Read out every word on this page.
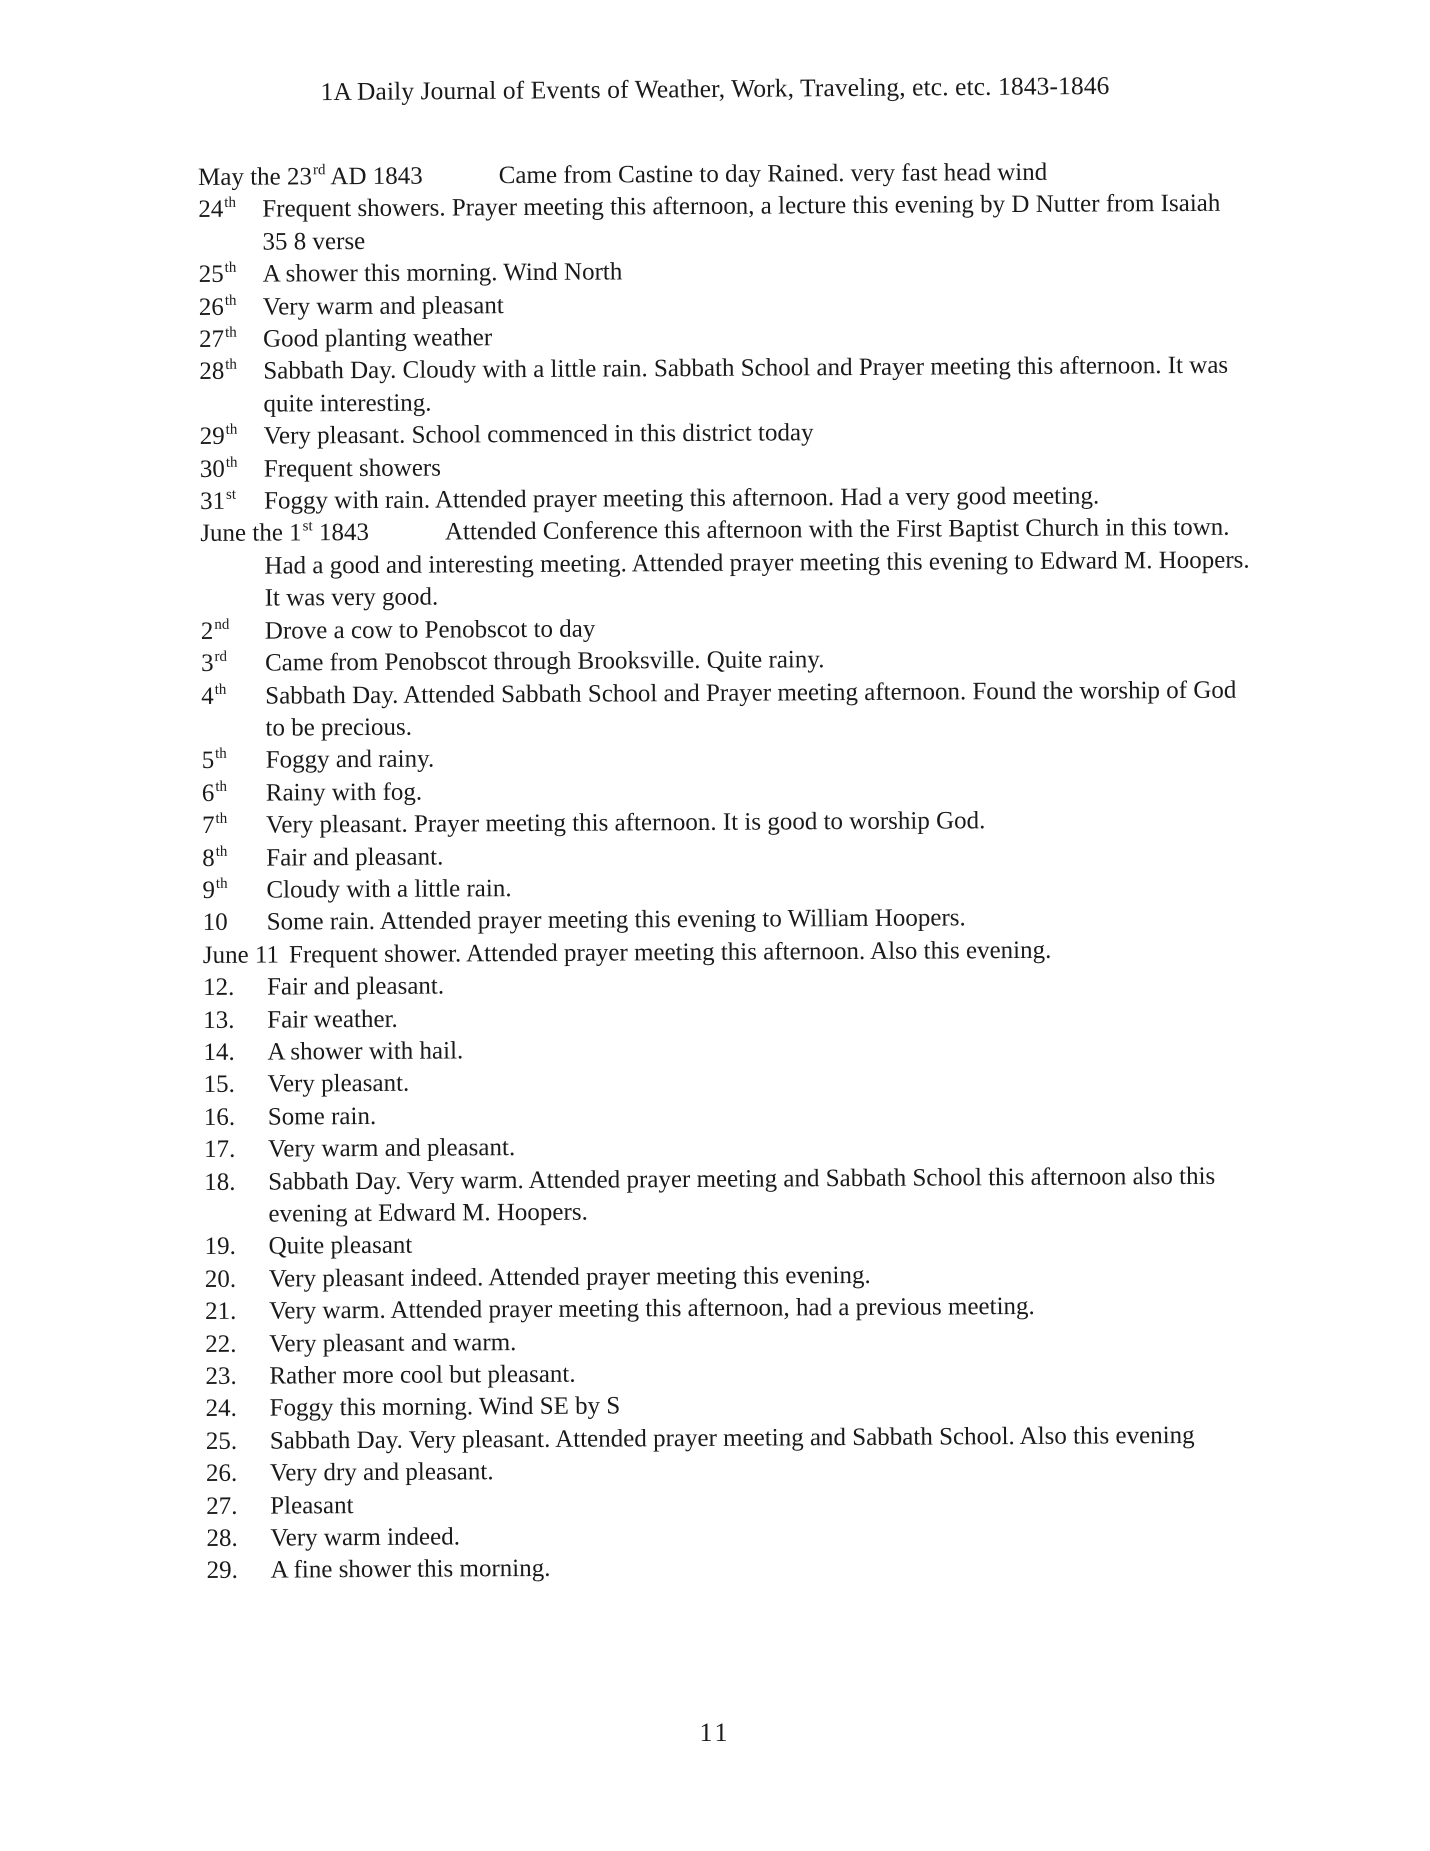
1A Daily Journal of Events of Weather, Work, Traveling, etc. etc. 1843-1846
May the 23rd AD 1843	Came from Castine to day Rained. very fast head wind
24th Frequent showers. Prayer meeting this afternoon, a lecture this evening by D Nutter from Isaiah 35 8 verse
25th A shower this morning. Wind North
26th Very warm and pleasant
27th Good planting weather
28th Sabbath Day. Cloudy with a little rain. Sabbath School and Prayer meeting this afternoon. It was quite interesting.
29th Very pleasant. School commenced in this district today
30th Frequent showers
31st Foggy with rain. Attended prayer meeting this afternoon. Had a very good meeting.
June the 1st 1843	Attended Conference this afternoon with the First Baptist Church in this town. Had a good and interesting meeting. Attended prayer meeting this evening to Edward M. Hoopers. It was very good.
2nd Drove a cow to Penobscot to day
3rd Came from Penobscot through Brooksville. Quite rainy.
4th Sabbath Day. Attended Sabbath School and Prayer meeting afternoon. Found the worship of God to be precious.
5th Foggy and rainy.
6th Rainy with fog.
7th Very pleasant. Prayer meeting this afternoon. It is good to worship God.
8th Fair and pleasant.
9th Cloudy with a little rain.
10 Some rain. Attended prayer meeting this evening to William Hoopers.
June 11 Frequent shower. Attended prayer meeting this afternoon. Also this evening.
12. Fair and pleasant.
13. Fair weather.
14. A shower with hail.
15. Very pleasant.
16. Some rain.
17. Very warm and pleasant.
18. Sabbath Day. Very warm. Attended prayer meeting and Sabbath School this afternoon also this evening at Edward M. Hoopers.
19. Quite pleasant
20. Very pleasant indeed. Attended prayer meeting this evening.
21. Very warm. Attended prayer meeting this afternoon, had a previous meeting.
22. Very pleasant and warm.
23. Rather more cool but pleasant.
24. Foggy this morning. Wind SE by S
25. Sabbath Day. Very pleasant. Attended prayer meeting and Sabbath School. Also this evening
26. Very dry and pleasant.
27. Pleasant
28. Very warm indeed.
29. A fine shower this morning.
11
